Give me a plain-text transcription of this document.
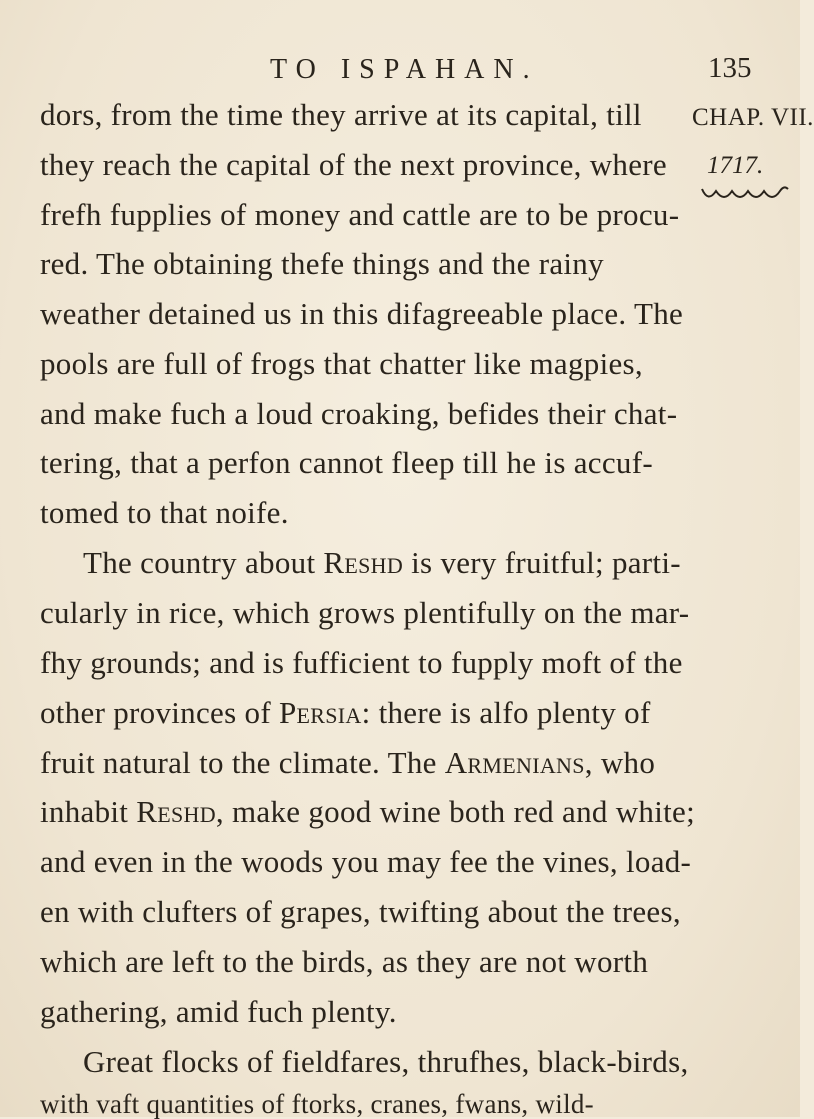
TO ISPAHAN.	135
CHAP. VII.
1717.
dors, from the time they arrive at its capital, till
they reach the capital of the next province, where
frefh fupplies of money and cattle are to be procu-
red. The obtaining thefe things and the rainy
weather detained us in this difagreeable place. The
pools are full of frogs that chatter like magpies,
and make fuch a loud croaking, befides their chat-
tering, that a perfon cannot fleep till he is accuf-
tomed to that noife.
The country about Reshd is very fruitful; parti-
cularly in rice, which grows plentifully on the mar-
fhy grounds; and is fufficient to fupply moft of the
other provinces of Persia: there is alfo plenty of
fruit natural to the climate. The Armenians, who
inhabit Reshd, make good wine both red and white;
and even in the woods you may fee the vines, load-
en with clufters of grapes, twifting about the trees,
which are left to the birds, as they are not worth
gathering, amid fuch plenty.
Great flocks of fieldfares, thrufhes, black-birds,
with vaft quantities of ftorks, cranes, fwans, wild-
